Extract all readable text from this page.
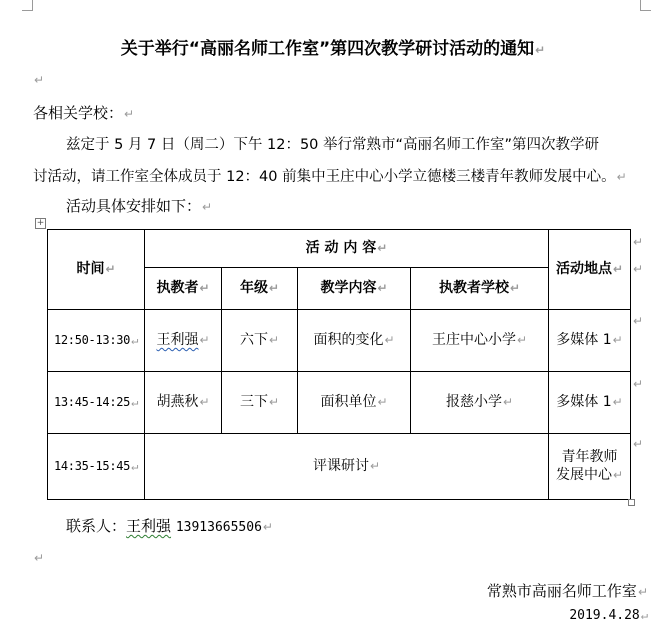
关于举行“高丽名师工作室”第四次教学研讨活动的通知↵
↵
各相关学校：↵
兹定于 5 月 7 日（周二）下午 12：50 举行常熟市“高丽名师工作室”第四次教学研
讨活动，请工作室全体成员于 12：40 前集中王庄中心小学立德楼三楼青年教师发展中心。↵
活动具体安排如下：↵
+
时间↵	活 动 内 容↵				活动地点↵
	执教者↵	年级↵	教学内容↵	执教者学校↵	
12:50-13:30↵	王利强↵	六下↵	面积的变化↵	王庄中心小学↵	多媒体 1↵
13:45-14:25↵	胡燕秋↵	三下↵	面积单位↵	报慈小学↵	多媒体 1↵
14:35-15:45↵	评课研讨↵				青年教师
发展中心↵
↵
↵
↵
↵
↵
联系人：王利强 13913665506↵
↵
常熟市高丽名师工作室↵
2019.4.28↵
